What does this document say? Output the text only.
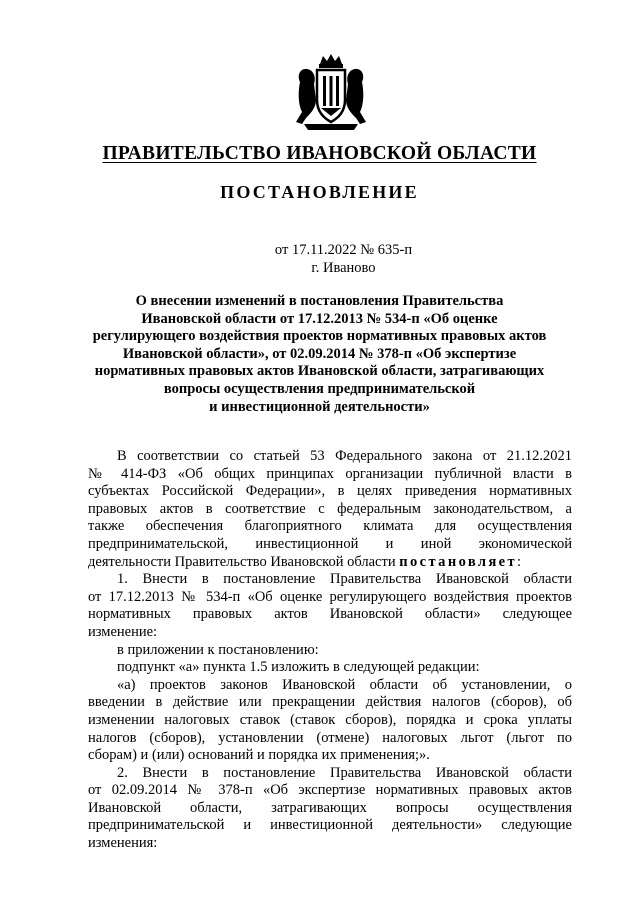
ПРАВИТЕЛЬСТВО ИВАНОВСКОЙ ОБЛАСТИ
ПОСТАНОВЛЕНИЕ
от 17.11.2022 № 635-п
г. Иваново
О внесении изменений в постановления Правительства
Ивановской области от 17.12.2013 № 534-п «Об оценке
регулирующего воздействия проектов нормативных правовых актов
Ивановской области», от 02.09.2014 № 378-п «Об экспертизе
нормативных правовых актов Ивановской области, затрагивающих
вопросы осуществления предпринимательской
и инвестиционной деятельности»
В соответствии со статьей 53 Федерального закона от 21.12.2021
№ 414-ФЗ «Об общих принципах организации публичной власти в
субъектах Российской Федерации», в целях приведения нормативных
правовых актов в соответствие с федеральным законодательством, а
также обеспечения благоприятного климата для осуществления
предпринимательской, инвестиционной и иной экономической
деятельности Правительство Ивановской области постановляет:
1. Внести в постановление Правительства Ивановской области
от 17.12.2013 № 534-п «Об оценке регулирующего воздействия проектов
нормативных правовых актов Ивановской области» следующее
изменение:
в приложении к постановлению:
подпункт «а» пункта 1.5 изложить в следующей редакции:
«а) проектов законов Ивановской области об установлении, о
введении в действие или прекращении действия налогов (сборов), об
изменении налоговых ставок (ставок сборов), порядка и срока уплаты
налогов (сборов), установлении (отмене) налоговых льгот (льгот по
сборам) и (или) оснований и порядка их применения;».
2. Внести в постановление Правительства Ивановской области
от 02.09.2014 № 378-п «Об экспертизе нормативных правовых актов
Ивановской области, затрагивающих вопросы осуществления
предпринимательской и инвестиционной деятельности» следующие
изменения:
